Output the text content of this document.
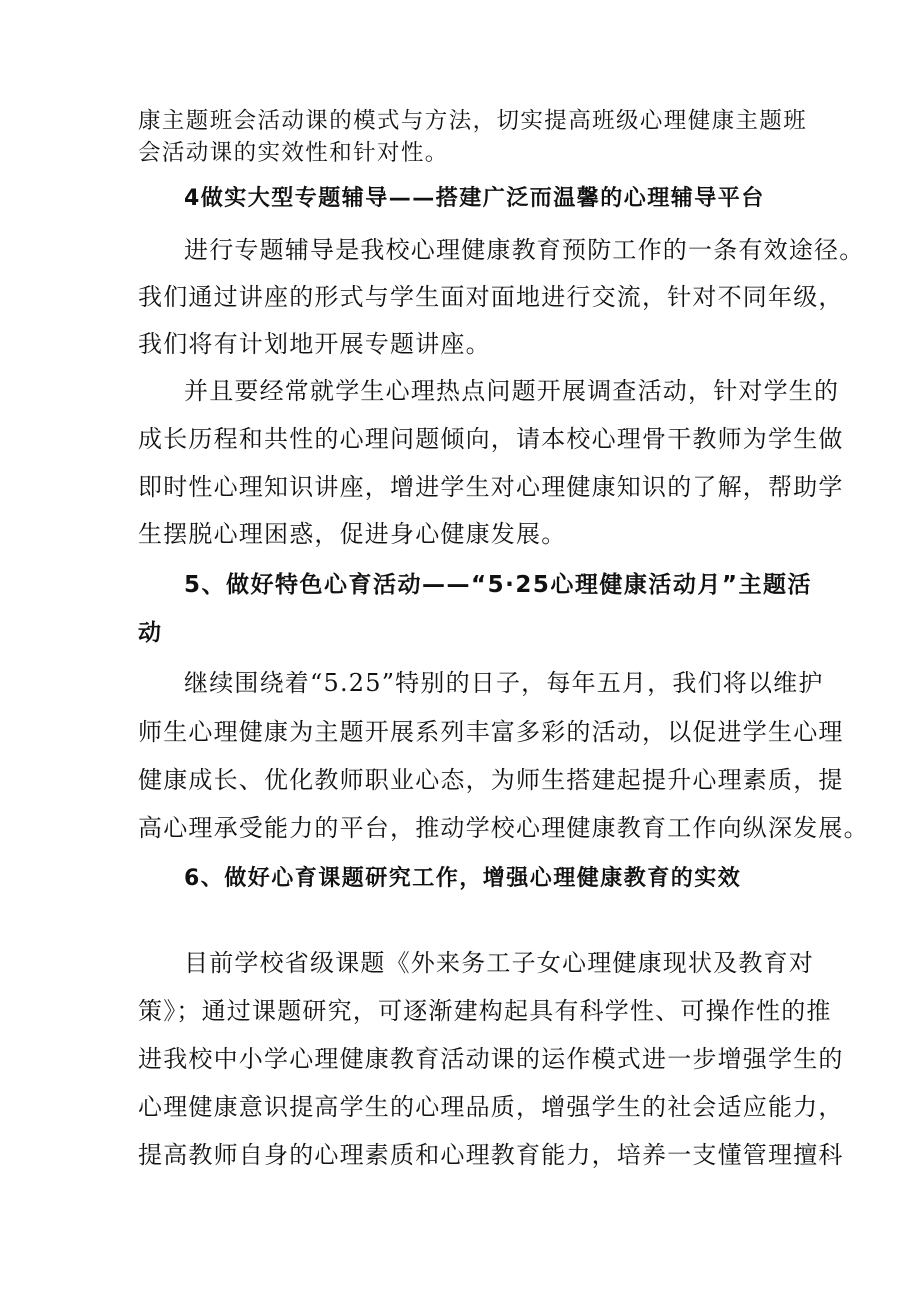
康主题班会活动课的模式与方法，切实提高班级心理健康主题班
会活动课的实效性和针对性。
4做实大型专题辅导——搭建广泛而温馨的心理辅导平台
进行专题辅导是我校心理健康教育预防工作的一条有效途径。
我们通过讲座的形式与学生面对面地进行交流，针对不同年级，
我们将有计划地开展专题讲座。
并且要经常就学生心理热点问题开展调查活动，针对学生的
成长历程和共性的心理问题倾向，请本校心理骨干教师为学生做
即时性心理知识讲座，增进学生对心理健康知识的了解，帮助学
生摆脱心理困惑，促进身心健康发展。
5、做好特色心育活动——“5·25心理健康活动月”主题活
动
继续围绕着“5.25”特别的日子，每年五月，我们将以维护
师生心理健康为主题开展系列丰富多彩的活动，以促进学生心理
健康成长、优化教师职业心态，为师生搭建起提升心理素质，提
高心理承受能力的平台，推动学校心理健康教育工作向纵深发展。
6、做好心育课题研究工作，增强心理健康教育的实效
目前学校省级课题《外来务工子女心理健康现状及教育对
策》；通过课题研究，可逐渐建构起具有科学性、可操作性的推
进我校中小学心理健康教育活动课的运作模式进一步增强学生的
心理健康意识提高学生的心理品质，增强学生的社会适应能力，
提高教师自身的心理素质和心理教育能力，培养一支懂管理擅科
